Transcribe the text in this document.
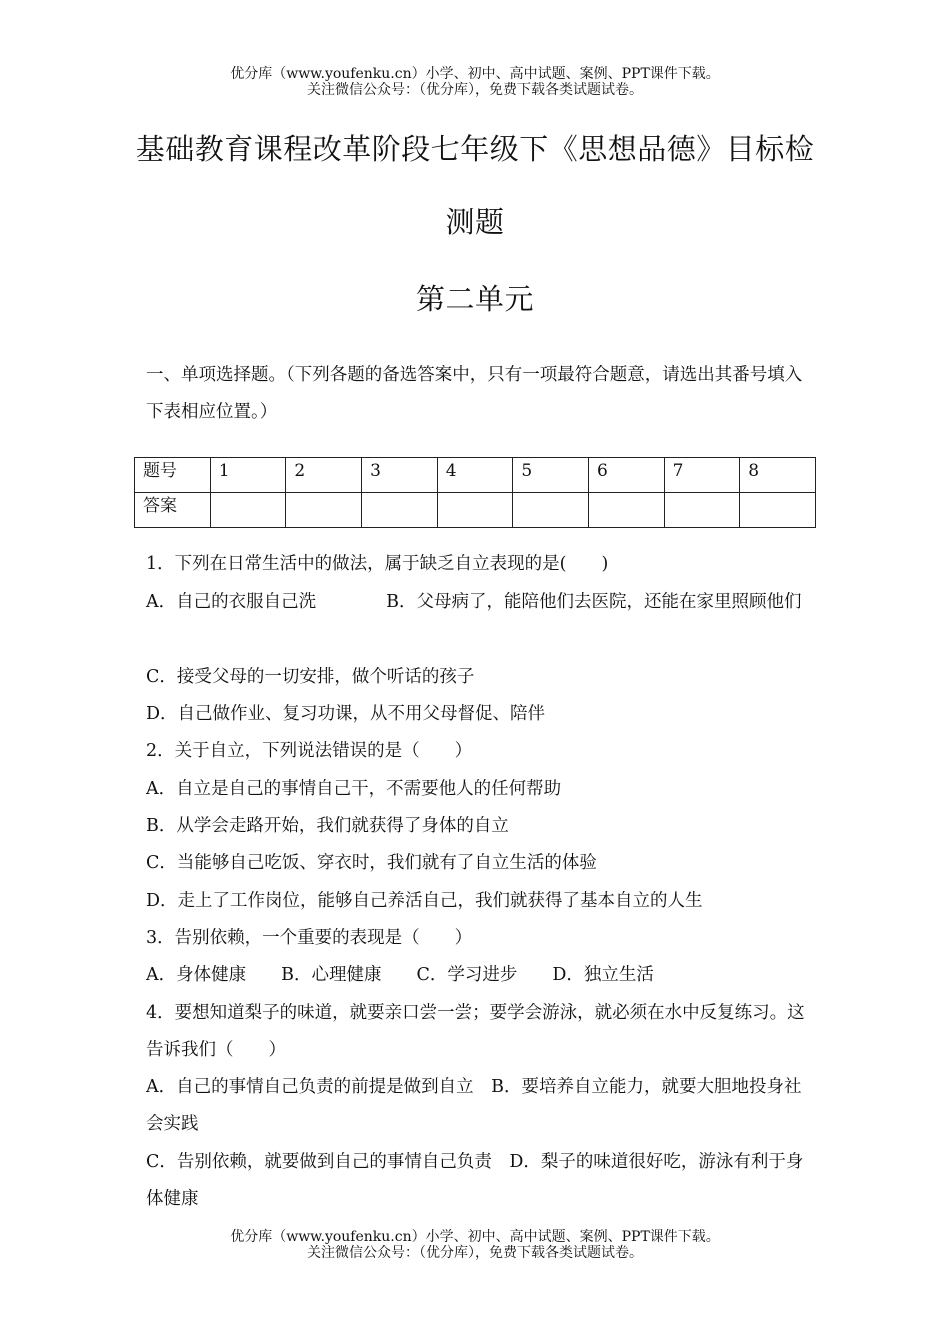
优分库（www.youfenku.cn）小学、初中、高中试题、案例、PPT课件下载。
关注微信公众号：（优分库），免费下载各类试题试卷。
基础教育课程改革阶段七年级下《思想品德》目标检
测题
第二单元

一、单项选择题。（下列各题的备选答案中，只有一项最符合题意，请选出其番号填入下表相应位置。）

题号	1	2	3	4	5	6	7	8
答案								

1．下列在日常生活中的做法，属于缺乏自立表现的是(　　)

A．自己的衣服自己洗　　　　B．父母病了，能陪他们去医院，还能在家里照顾他们

C．接受父母的一切安排，做个听话的孩子

D．自己做作业、复习功课，从不用父母督促、陪伴

2．关于自立，下列说法错误的是（　　）

A．自立是自己的事情自己干，不需要他人的任何帮助

B．从学会走路开始，我们就获得了身体的自立

C．当能够自己吃饭、穿衣时，我们就有了自立生活的体验

D．走上了工作岗位，能够自己养活自己，我们就获得了基本自立的人生

3．告别依赖，一个重要的表现是（　　）

A．身体健康　　B．心理健康　　C．学习进步　　D．独立生活

4．要想知道梨子的味道，就要亲口尝一尝；要学会游泳，就必须在水中反复练习。这告诉我们（　　）

A．自己的事情自己负责的前提是做到自立　B．要培养自立能力，就要大胆地投身社会实践

C．告别依赖，就要做到自己的事情自己负责　D．梨子的味道很好吃，游泳有利于身体健康

优分库（www.youfenku.cn）小学、初中、高中试题、案例、PPT课件下载。
关注微信公众号：（优分库），免费下载各类试题试卷。
